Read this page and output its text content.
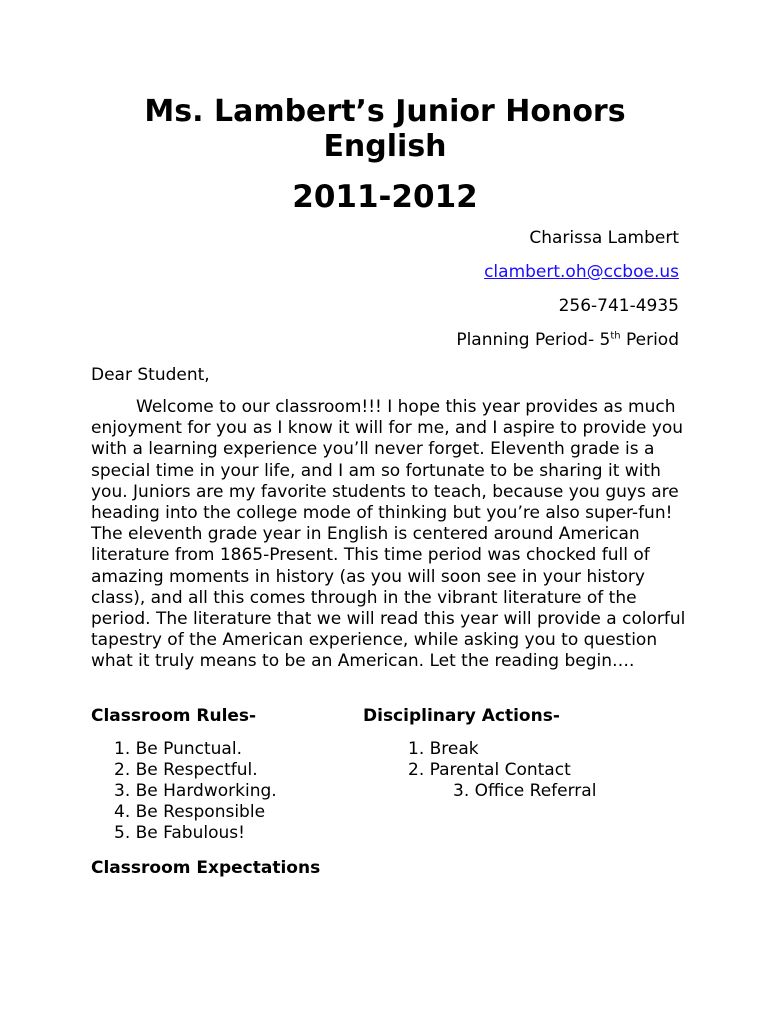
Ms. Lambert’s Junior Honors
English
2011-2012
Charissa Lambert
clambert.oh@ccboe.us
256-741-4935
Planning Period- 5th Period

Dear Student,

Welcome to our classroom!!! I hope this year provides as much enjoyment for you as I know it will for me, and I aspire to provide you with a learning experience you’ll never forget. Eleventh grade is a special time in your life, and I am so fortunate to be sharing it with you. Juniors are my favorite students to teach, because you guys are heading into the college mode of thinking but you’re also super-fun! The eleventh grade year in English is centered around American literature from 1865-Present. This time period was chocked full of amazing moments in history (as you will soon see in your history class), and all this comes through in the vibrant literature of the period. The literature that we will read this year will provide a colorful tapestry of the American experience, while asking you to question what it truly means to be an American. Let the reading begin….

Classroom Rules-	Disciplinary Actions-

1. Be Punctual.
2. Be Respectful.
3. Be Hardworking.
4. Be Responsible
5. Be Fabulous!
1. Break
2. Parental Contact
3. Office Referral

Classroom Expectations
